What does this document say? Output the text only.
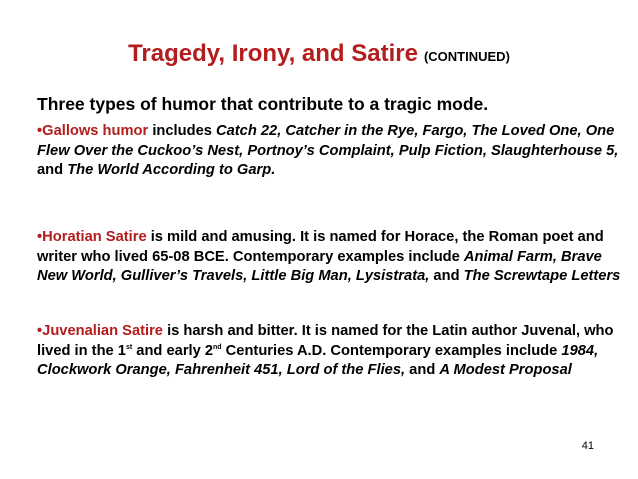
Tragedy, Irony, and Satire (CONTINUED)
Three types of humor that contribute to a tragic mode.
•Gallows humor includes Catch 22, Catcher in the Rye, Fargo, The Loved One, One Flew Over the Cuckoo’s Nest, Portnoy’s Complaint, Pulp Fiction, Slaughterhouse 5, and The World According to Garp.
•Horatian Satire is mild and amusing. It is named for Horace, the Roman poet and writer who lived 65-08 BCE. Contemporary examples include Animal Farm, Brave New World, Gulliver’s Travels, Little Big Man, Lysistrata, and The Screwtape Letters
•Juvenalian Satire is harsh and bitter. It is named for the Latin author Juvenal, who lived in the 1st and early 2nd Centuries A.D. Contemporary examples include 1984, Clockwork Orange, Fahrenheit 451, Lord of the Flies, and A Modest Proposal
41
